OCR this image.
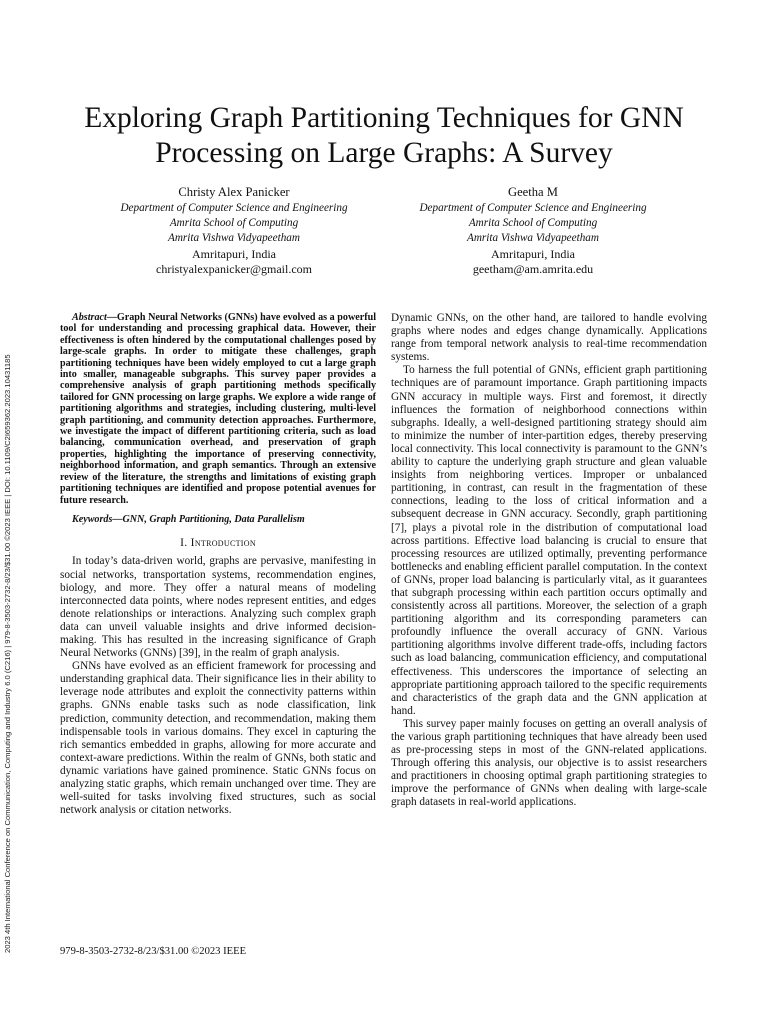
2023 4th International Conference on Communication, Computing and Industry 6.0 (C216) | 979-8-3503-2732-8/23/$31.00 ©2023 IEEE | DOI: 10.1109/C2I659362.2023.10431185
Exploring Graph Partitioning Techniques for GNN Processing on Large Graphs: A Survey
Christy Alex Panicker
Department of Computer Science and Engineering
Amrita School of Computing
Amrita Vishwa Vidyapeetham
Amritapuri, India
christyalexpanicker@gmail.com
Geetha M
Department of Computer Science and Engineering
Amrita School of Computing
Amrita Vishwa Vidyapeetham
Amritapuri, India
geetham@am.amrita.edu

Abstract—Graph Neural Networks (GNNs) have evolved as a powerful tool for understanding and processing graphical data. However, their effectiveness is often hindered by the computational challenges posed by large-scale graphs. In order to mitigate these challenges, graph partitioning techniques have been widely employed to cut a large graph into smaller, manageable subgraphs. This survey paper provides a comprehensive analysis of graph partitioning methods specifically tailored for GNN processing on large graphs. We explore a wide range of partitioning algorithms and strategies, including clustering, multi-level graph partitioning, and community detection approaches. Furthermore, we investigate the impact of different partitioning criteria, such as load balancing, communication overhead, and preservation of graph properties, highlighting the importance of preserving connectivity, neighborhood information, and graph semantics. Through an extensive review of the literature, the strengths and limitations of existing graph partitioning techniques are identified and propose potential avenues for future research.

Keywords—GNN, Graph Partitioning, Data Parallelism

I. Introduction

In today’s data-driven world, graphs are pervasive, manifesting in social networks, transportation systems, recommendation engines, biology, and more. They offer a natural means of modeling interconnected data points, where nodes represent entities, and edges denote relationships or interactions. Analyzing such complex graph data can unveil valuable insights and drive informed decision-making. This has resulted in the increasing significance of Graph Neural Networks (GNNs) [39], in the realm of graph analysis.

GNNs have evolved as an efficient framework for processing and understanding graphical data. Their significance lies in their ability to leverage node attributes and exploit the connectivity patterns within graphs. GNNs enable tasks such as node classification, link prediction, community detection, and recommendation, making them indispensable tools in various domains. They excel in capturing the rich semantics embedded in graphs, allowing for more accurate and context-aware predictions. Within the realm of GNNs, both static and dynamic variations have gained prominence. Static GNNs focus on analyzing static graphs, which remain unchanged over time. They are well-suited for tasks involving fixed structures, such as social network analysis or citation networks.

Dynamic GNNs, on the other hand, are tailored to handle evolving graphs where nodes and edges change dynamically. Applications range from temporal network analysis to real-time recommendation systems.

To harness the full potential of GNNs, efficient graph partitioning techniques are of paramount importance. Graph partitioning impacts GNN accuracy in multiple ways. First and foremost, it directly influences the formation of neighborhood connections within subgraphs. Ideally, a well-designed partitioning strategy should aim to minimize the number of inter-partition edges, thereby preserving local connectivity. This local connectivity is paramount to the GNN’s ability to capture the underlying graph structure and glean valuable insights from neighboring vertices. Improper or unbalanced partitioning, in contrast, can result in the fragmentation of these connections, leading to the loss of critical information and a subsequent decrease in GNN accuracy. Secondly, graph partitioning [7], plays a pivotal role in the distribution of computational load across partitions. Effective load balancing is crucial to ensure that processing resources are utilized optimally, preventing performance bottlenecks and enabling efficient parallel computation. In the context of GNNs, proper load balancing is particularly vital, as it guarantees that subgraph processing within each partition occurs optimally and consistently across all partitions. Moreover, the selection of a graph partitioning algorithm and its corresponding parameters can profoundly influence the overall accuracy of GNN. Various partitioning algorithms involve different trade-offs, including factors such as load balancing, communication efficiency, and computational effectiveness. This underscores the importance of selecting an appropriate partitioning approach tailored to the specific requirements and characteristics of the graph data and the GNN application at hand.

This survey paper mainly focuses on getting an overall analysis of the various graph partitioning techniques that have already been used as pre-processing steps in most of the GNN-related applications. Through offering this analysis, our objective is to assist researchers and practitioners in choosing optimal graph partitioning strategies to improve the performance of GNNs when dealing with large-scale graph datasets in real-world applications.

979-8-3503-2732-8/23/$31.00 ©2023 IEEE
